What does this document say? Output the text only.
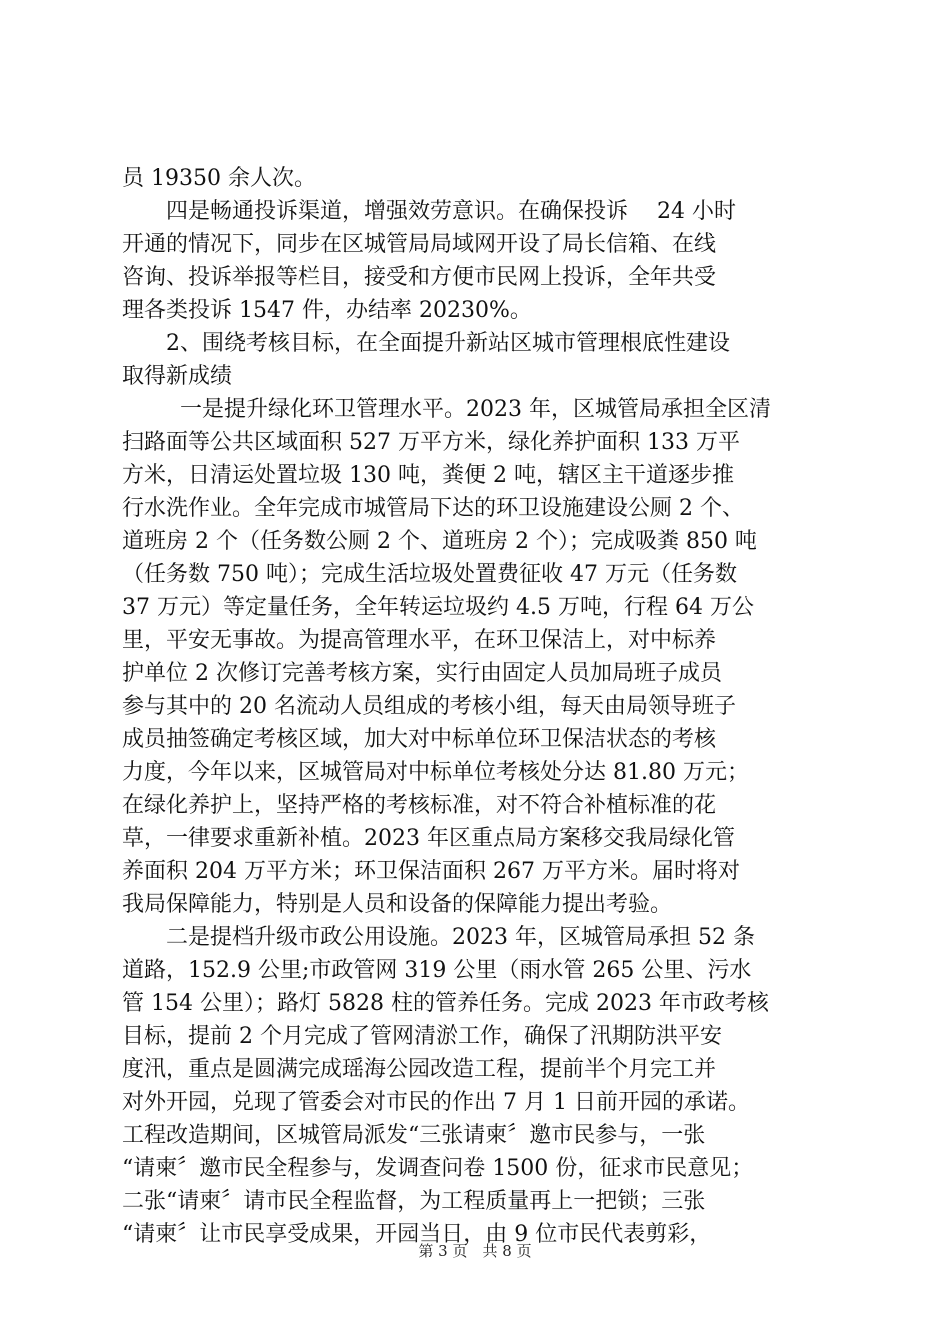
员 19350 余人次。
四是畅通投诉渠道，增强效劳意识。在确保投诉　 24 小时
开通的情况下，同步在区城管局局域网开设了局长信箱、在线
咨询、投诉举报等栏目，接受和方便市民网上投诉，全年共受
理各类投诉 1547 件，办结率 20230%。
2、围绕考核目标，在全面提升新站区城市管理根底性建设
取得新成绩
一是提升绿化环卫管理水平。2023 年，区城管局承担全区清
扫路面等公共区域面积 527 万平方米，绿化养护面积 133 万平
方米，日清运处置垃圾 130 吨，粪便 2 吨，辖区主干道逐步推
行水洗作业。全年完成市城管局下达的环卫设施建设公厕 2 个、
道班房 2 个（任务数公厕 2 个、道班房 2 个）；完成吸粪 850 吨
（任务数 750 吨）；完成生活垃圾处置费征收 47 万元（任务数
37 万元）等定量任务，全年转运垃圾约 4.5 万吨，行程 64 万公
里，平安无事故。为提高管理水平，在环卫保洁上，对中标养
护单位 2 次修订完善考核方案，实行由固定人员加局班子成员
参与其中的 20 名流动人员组成的考核小组，每天由局领导班子
成员抽签确定考核区域，加大对中标单位环卫保洁状态的考核
力度，今年以来，区城管局对中标单位考核处分达 81.80 万元；
在绿化养护上，坚持严格的考核标准，对不符合补植标准的花
草，一律要求重新补植。2023 年区重点局方案移交我局绿化管
养面积 204 万平方米；环卫保洁面积 267 万平方米。届时将对
我局保障能力，特别是人员和设备的保障能力提出考验。
二是提档升级市政公用设施。2023 年，区城管局承担 52 条
道路，152.9 公里;市政管网 319 公里（雨水管 265 公里、污水
管 154 公里）；路灯 5828 柱的管养任务。完成 2023 年市政考核
目标，提前 2 个月完成了管网清淤工作，确保了汛期防洪平安
度汛，重点是圆满完成瑶海公园改造工程，提前半个月完工并
对外开园，兑现了管委会对市民的作出 7 月 1 日前开园的承诺。
工程改造期间，区城管局派发“三张请柬〞邀市民参与，一张
“请柬〞邀市民全程参与，发调查问卷 1500 份，征求市民意见；
二张“请柬〞请市民全程监督，为工程质量再上一把锁；三张
“请柬〞让市民享受成果，开园当日，由 9 位市民代表剪彩，
第 3 页　共 8 页
